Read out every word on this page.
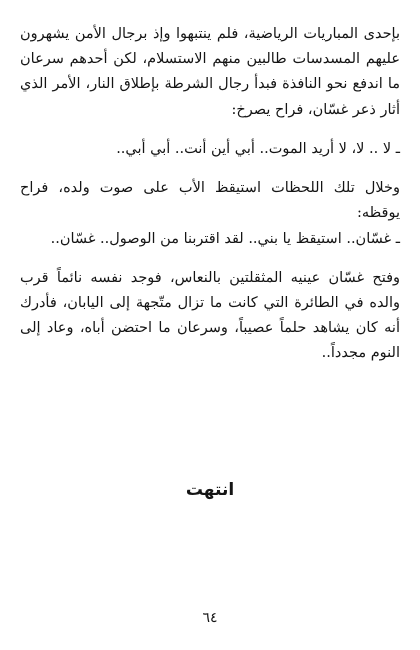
بإحدى المباريات الرياضية، فلم ينتبهوا وإذ برجال الأمن يشهرون عليهم المسدسات طالبين منهم الاستسلام، لكن أحدهم سرعان ما اندفع نحو النافذة فبدأ رجال الشرطة بإطلاق النار، الأمر الذي أثار ذعر غسّان، فراح يصرخ:

ـ لا .. لا، لا أريد الموت.. أبي أين أنت.. أبي أبي..

وخلال تلك اللحظات استيقظ الأب على صوت ولده، فراح يوقظه:

ـ غسّان.. استيقظ يا بني.. لقد اقتربنا من الوصول.. غسّان..

وفتح غسّان عينيه المثقلتين بالنعاس، فوجد نفسه نائماً قرب والده في الطائرة التي كانت ما تزال متّجهة إلى اليابان، فأدرك أنه كان يشاهد حلماً عصيباً، وسرعان ما احتضن أباه، وعاد إلى النوم مجدداً..

انتهت
٦٤
